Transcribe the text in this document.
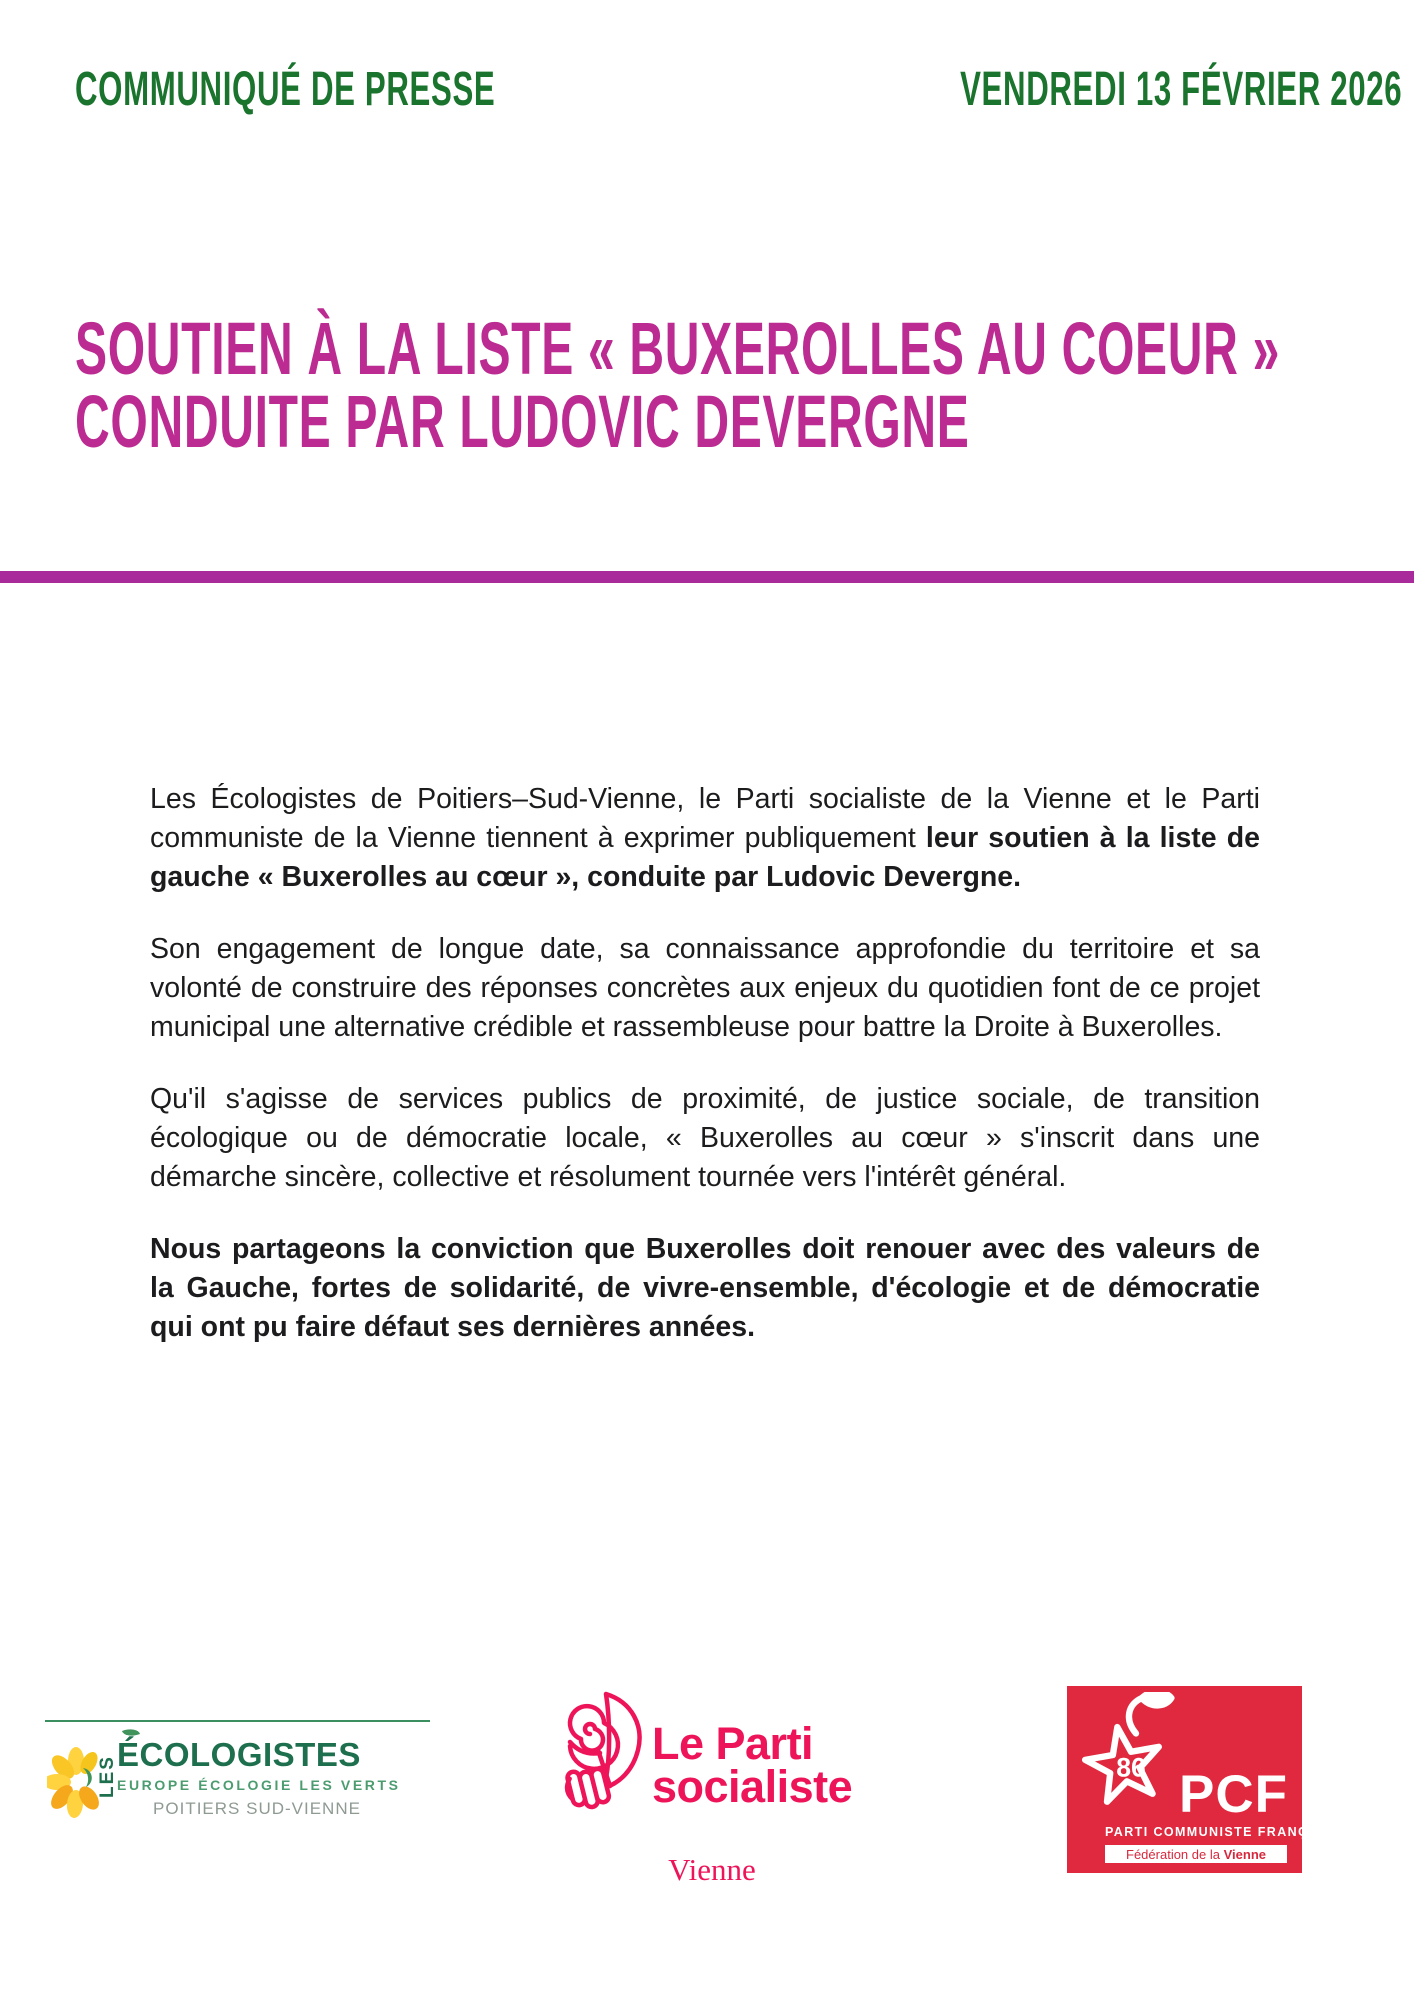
COMMUNIQUÉ DE PRESSE	VENDREDI 13 FÉVRIER 2026
SOUTIEN À LA LISTE « BUXEROLLES AU COEUR »
CONDUITE PAR LUDOVIC DEVERGNE

Les Écologistes de Poitiers–Sud-Vienne, le Parti socialiste de la Vienne et le Parti communiste de la Vienne tiennent à exprimer publiquement leur soutien à la liste de gauche « Buxerolles au cœur », conduite par Ludovic Devergne.

Son engagement de longue date, sa connaissance approfondie du territoire et sa volonté de construire des réponses concrètes aux enjeux du quotidien font de ce projet municipal une alternative crédible et rassembleuse pour battre la Droite à Buxerolles.

Qu'il s'agisse de services publics de proximité, de justice sociale, de transition écologique ou de démocratie locale, « Buxerolles au cœur » s'inscrit dans une démarche sincère, collective et résolument tournée vers l'intérêt général.

Nous partageons la conviction que Buxerolles doit renouer avec des valeurs de la Gauche, fortes de solidarité, de vivre-ensemble, d'écologie et de démocratie qui ont pu faire défaut ses dernières années.

LES
ÉCOLOGISTES
EUROPE ÉCOLOGIE LES VERTS
POITIERS SUD-VIENNE
Le Parti
socialiste
Vienne
86 PCF
PARTI COMMUNISTE FRANÇAIS
Fédération de la Vienne
